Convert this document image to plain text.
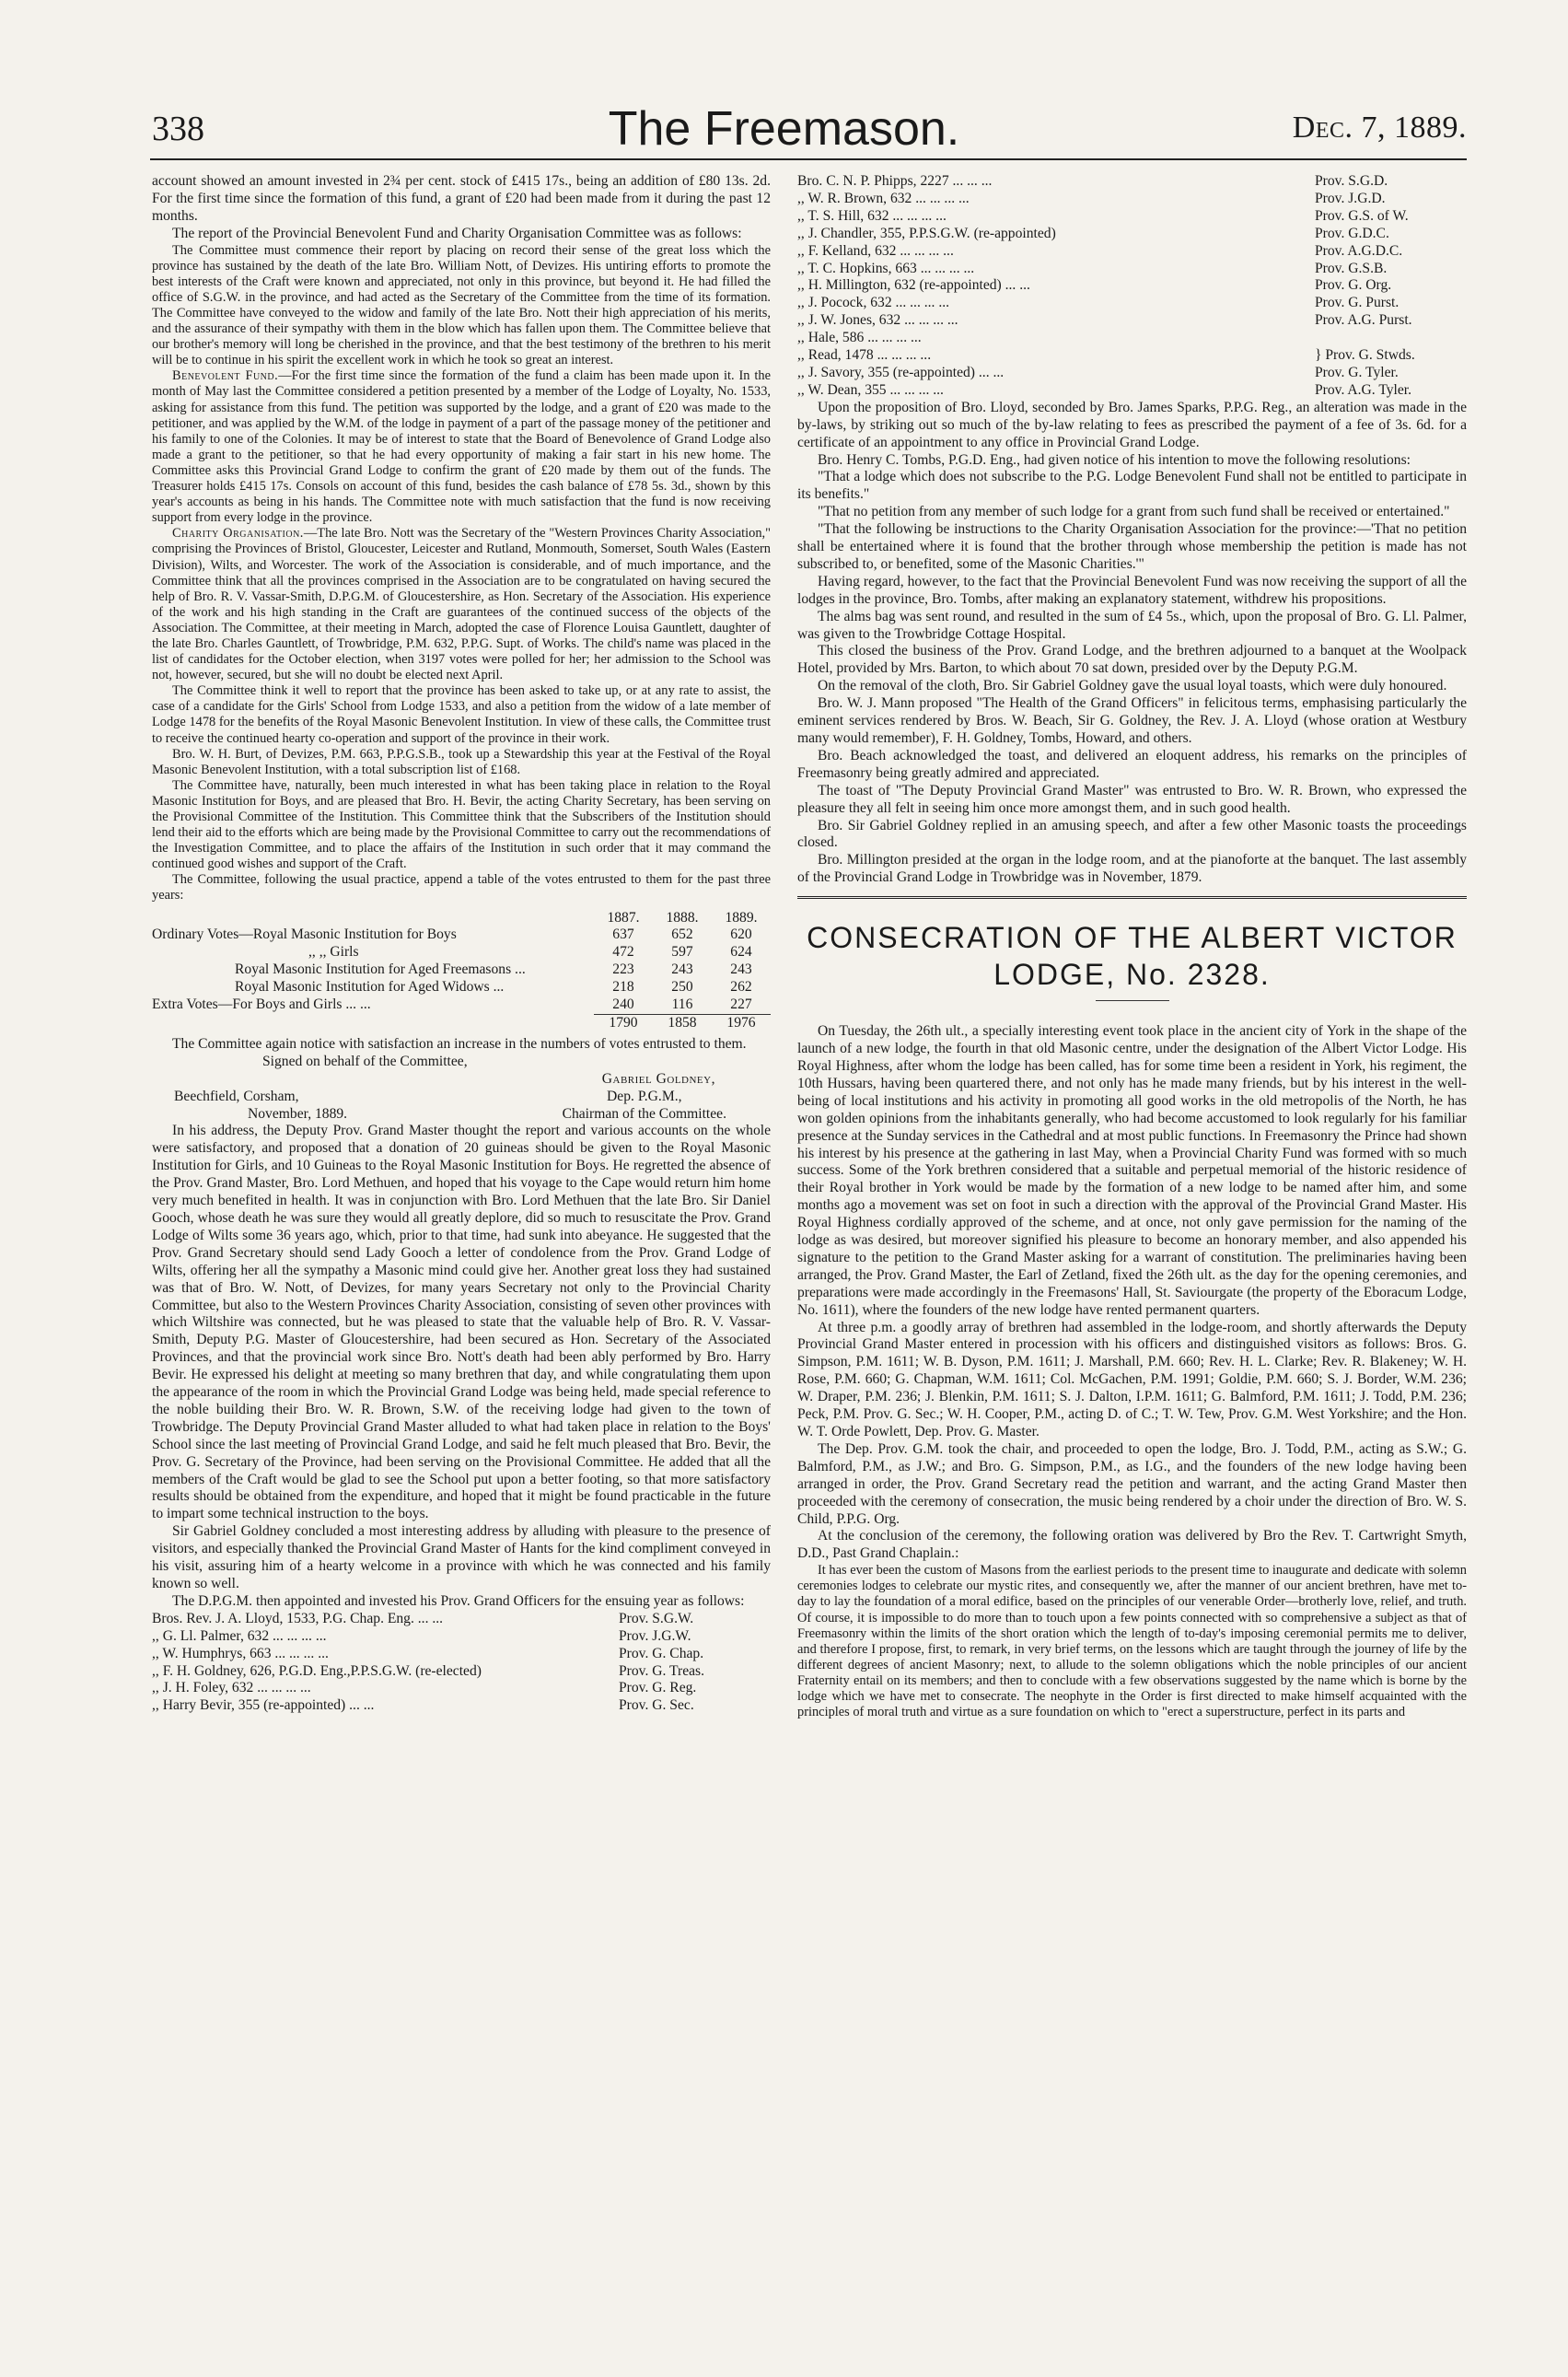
338	The Freemason.	Dec. 7, 1889.

account showed an amount invested in 2¾ per cent. stock of £415 17s., being an addition of £80 13s. 2d. For the first time since the formation of this fund, a grant of £20 had been made from it during the past 12 months.

The report of the Provincial Benevolent Fund and Charity Organisation Committee was as follows:

The Committee must commence their report by placing on record their sense of the great loss which the province has sustained by the death of the late Bro. William Nott, of Devizes. His untiring efforts to promote the best interests of the Craft were known and appreciated, not only in this province, but beyond it. He had filled the office of S.G.W. in the province, and had acted as the Secretary of the Committee from the time of its formation. The Committee have conveyed to the widow and family of the late Bro. Nott their high appreciation of his merits, and the assurance of their sympathy with them in the blow which has fallen upon them. The Committee believe that our brother's memory will long be cherished in the province, and that the best testimony of the brethren to his merit will be to continue in his spirit the excellent work in which he took so great an interest.

Benevolent Fund.—For the first time since the formation of the fund a claim has been made upon it. In the month of May last the Committee considered a petition presented by a member of the Lodge of Loyalty, No. 1533, asking for assistance from this fund. The petition was supported by the lodge, and a grant of £20 was made to the petitioner, and was applied by the W.M. of the lodge in payment of a part of the passage money of the petitioner and his family to one of the Colonies. It may be of interest to state that the Board of Benevolence of Grand Lodge also made a grant to the petitioner, so that he had every opportunity of making a fair start in his new home. The Committee asks this Provincial Grand Lodge to confirm the grant of £20 made by them out of the funds. The Treasurer holds £415 17s. Consols on account of this fund, besides the cash balance of £78 5s. 3d., shown by this year's accounts as being in his hands. The Committee note with much satisfaction that the fund is now receiving support from every lodge in the province.

Charity Organisation.—The late Bro. Nott was the Secretary of the "Western Provinces Charity Association," comprising the Provinces of Bristol, Gloucester, Leicester and Rutland, Monmouth, Somerset, South Wales (Eastern Division), Wilts, and Worcester. The work of the Association is considerable, and of much importance, and the Committee think that all the provinces comprised in the Association are to be congratulated on having secured the help of Bro. R. V. Vassar-Smith, D.P.G.M. of Gloucestershire, as Hon. Secretary of the Association. His experience of the work and his high standing in the Craft are guarantees of the continued success of the objects of the Association. The Committee, at their meeting in March, adopted the case of Florence Louisa Gauntlett, daughter of the late Bro. Charles Gauntlett, of Trowbridge, P.M. 632, P.P.G. Supt. of Works. The child's name was placed in the list of candidates for the October election, when 3197 votes were polled for her; her admission to the School was not, however, secured, but she will no doubt be elected next April.

The Committee think it well to report that the province has been asked to take up, or at any rate to assist, the case of a candidate for the Girls' School from Lodge 1533, and also a petition from the widow of a late member of Lodge 1478 for the benefits of the Royal Masonic Benevolent Institution. In view of these calls, the Committee trust to receive the continued hearty co-operation and support of the province in their work.

Bro. W. H. Burt, of Devizes, P.M. 663, P.P.G.S.B., took up a Stewardship this year at the Festival of the Royal Masonic Benevolent Institution, with a total subscription list of £168.

The Committee have, naturally, been much interested in what has been taking place in relation to the Royal Masonic Institution for Boys, and are pleased that Bro. H. Bevir, the acting Charity Secretary, has been serving on the Provisional Committee of the Institution. This Committee think that the Subscribers of the Institution should lend their aid to the efforts which are being made by the Provisional Committee to carry out the recommendations of the Investigation Committee, and to place the affairs of the Institution in such order that it may command the continued good wishes and support of the Craft.

The Committee, following the usual practice, append a table of the votes entrusted to them for the past three years:

	1887.	1888.	1889.
Ordinary Votes—Royal Masonic Institution for Boys	637	652	620
,, ,, Girls	472	597	624
Royal Masonic Institution for Aged Freemasons ...	223	243	243
Royal Masonic Institution for Aged Widows ...	218	250	262
Extra Votes—For Boys and Girls ... ...	240	116	227
	1790	1858	1976

The Committee again notice with satisfaction an increase in the numbers of votes entrusted to them.

Signed on behalf of the Committee,

Gabriel Goldney,

Beechfield, Corsham,
November, 1889.
Dep. P.G.M.,
Chairman of the Committee.

In his address, the Deputy Prov. Grand Master thought the report and various accounts on the whole were satisfactory, and proposed that a donation of 20 guineas should be given to the Royal Masonic Institution for Girls, and 10 Guineas to the Royal Masonic Institution for Boys. He regretted the absence of the Prov. Grand Master, Bro. Lord Methuen, and hoped that his voyage to the Cape would return him home very much benefited in health. It was in conjunction with Bro. Lord Methuen that the late Bro. Sir Daniel Gooch, whose death he was sure they would all greatly deplore, did so much to resuscitate the Prov. Grand Lodge of Wilts some 36 years ago, which, prior to that time, had sunk into abeyance. He suggested that the Prov. Grand Secretary should send Lady Gooch a letter of condolence from the Prov. Grand Lodge of Wilts, offering her all the sympathy a Masonic mind could give her. Another great loss they had sustained was that of Bro. W. Nott, of Devizes, for many years Secretary not only to the Provincial Charity Committee, but also to the Western Provinces Charity Association, consisting of seven other provinces with which Wiltshire was connected, but he was pleased to state that the valuable help of Bro. R. V. Vassar-Smith, Deputy P.G. Master of Gloucestershire, had been secured as Hon. Secretary of the Associated Provinces, and that the provincial work since Bro. Nott's death had been ably performed by Bro. Harry Bevir. He expressed his delight at meeting so many brethren that day, and while congratulating them upon the appearance of the room in which the Provincial Grand Lodge was being held, made special reference to the noble building their Bro. W. R. Brown, S.W. of the receiving lodge had given to the town of Trowbridge. The Deputy Provincial Grand Master alluded to what had taken place in relation to the Boys' School since the last meeting of Provincial Grand Lodge, and said he felt much pleased that Bro. Bevir, the Prov. G. Secretary of the Province, had been serving on the Provisional Committee. He added that all the members of the Craft would be glad to see the School put upon a better footing, so that more satisfactory results should be obtained from the expenditure, and hoped that it might be found practicable in the future to impart some technical instruction to the boys.

Sir Gabriel Goldney concluded a most interesting address by alluding with pleasure to the presence of visitors, and especially thanked the Provincial Grand Master of Hants for the kind compliment conveyed in his visit, assuring him of a hearty welcome in a province with which he was connected and his family known so well.

The D.P.G.M. then appointed and invested his Prov. Grand Officers for the ensuing year as follows:

Bros. Rev. J. A. Lloyd, 1533, P.G. Chap. Eng. ... ...	Prov. S.G.W.
,, G. Ll. Palmer, 632 ... ... ... ...	Prov. J.G.W.
,, W. Humphrys, 663 ... ... ... ...	Prov. G. Chap.
,, F. H. Goldney, 626, P.G.D. Eng.,P.P.S.G.W. (re-elected)	Prov. G. Treas.
,, J. H. Foley, 632 ... ... ... ...	Prov. G. Reg.
,, Harry Bevir, 355 (re-appointed) ... ...	Prov. G. Sec.
Bro. C. N. P. Phipps, 2227 ... ... ...	Prov. S.G.D.
,, W. R. Brown, 632 ... ... ... ...	Prov. J.G.D.
,, T. S. Hill, 632 ... ... ... ...	Prov. G.S. of W.
,, J. Chandler, 355, P.P.S.G.W. (re-appointed)	Prov. G.D.C.
,, F. Kelland, 632 ... ... ... ...	Prov. A.G.D.C.
,, T. C. Hopkins, 663 ... ... ... ...	Prov. G.S.B.
,, H. Millington, 632 (re-appointed) ... ...	Prov. G. Org.
,, J. Pocock, 632 ... ... ... ...	Prov. G. Purst.
,, J. W. Jones, 632 ... ... ... ...	Prov. A.G. Purst.
,, Hale, 586 ... ... ... ...	
,, Read, 1478 ... ... ... ...	} Prov. G. Stwds.
,, J. Savory, 355 (re-appointed) ... ...	Prov. G. Tyler.
,, W. Dean, 355 ... ... ... ...	Prov. A.G. Tyler.

Upon the proposition of Bro. Lloyd, seconded by Bro. James Sparks, P.P.G. Reg., an alteration was made in the by-laws, by striking out so much of the by-law relating to fees as prescribed the payment of a fee of 3s. 6d. for a certificate of an appointment to any office in Provincial Grand Lodge.

Bro. Henry C. Tombs, P.G.D. Eng., had given notice of his intention to move the following resolutions:

"That a lodge which does not subscribe to the P.G. Lodge Benevolent Fund shall not be entitled to participate in its benefits."

"That no petition from any member of such lodge for a grant from such fund shall be received or entertained."

"That the following be instructions to the Charity Organisation Association for the province:—'That no petition shall be entertained where it is found that the brother through whose membership the petition is made has not subscribed to, or benefited, some of the Masonic Charities.'"

Having regard, however, to the fact that the Provincial Benevolent Fund was now receiving the support of all the lodges in the province, Bro. Tombs, after making an explanatory statement, withdrew his propositions.

The alms bag was sent round, and resulted in the sum of £4 5s., which, upon the proposal of Bro. G. Ll. Palmer, was given to the Trowbridge Cottage Hospital.

This closed the business of the Prov. Grand Lodge, and the brethren adjourned to a banquet at the Woolpack Hotel, provided by Mrs. Barton, to which about 70 sat down, presided over by the Deputy P.G.M.

On the removal of the cloth, Bro. Sir Gabriel Goldney gave the usual loyal toasts, which were duly honoured.

Bro. W. J. Mann proposed "The Health of the Grand Officers" in felicitous terms, emphasising particularly the eminent services rendered by Bros. W. Beach, Sir G. Goldney, the Rev. J. A. Lloyd (whose oration at Westbury many would remember), F. H. Goldney, Tombs, Howard, and others.

Bro. Beach acknowledged the toast, and delivered an eloquent address, his remarks on the principles of Freemasonry being greatly admired and appreciated.

The toast of "The Deputy Provincial Grand Master" was entrusted to Bro. W. R. Brown, who expressed the pleasure they all felt in seeing him once more amongst them, and in such good health.

Bro. Sir Gabriel Goldney replied in an amusing speech, and after a few other Masonic toasts the proceedings closed.

Bro. Millington presided at the organ in the lodge room, and at the pianoforte at the banquet. The last assembly of the Provincial Grand Lodge in Trowbridge was in November, 1879.

CONSECRATION OF THE ALBERT VICTOR
LODGE, No. 2328.

On Tuesday, the 26th ult., a specially interesting event took place in the ancient city of York in the shape of the launch of a new lodge, the fourth in that old Masonic centre, under the designation of the Albert Victor Lodge. His Royal Highness, after whom the lodge has been called, has for some time been a resident in York, his regiment, the 10th Hussars, having been quartered there, and not only has he made many friends, but by his interest in the well-being of local institutions and his activity in promoting all good works in the old metropolis of the North, he has won golden opinions from the inhabitants generally, who had become accustomed to look regularly for his familiar presence at the Sunday services in the Cathedral and at most public functions. In Freemasonry the Prince had shown his interest by his presence at the gathering in last May, when a Provincial Charity Fund was formed with so much success. Some of the York brethren considered that a suitable and perpetual memorial of the historic residence of their Royal brother in York would be made by the formation of a new lodge to be named after him, and some months ago a movement was set on foot in such a direction with the approval of the Provincial Grand Master. His Royal Highness cordially approved of the scheme, and at once, not only gave permission for the naming of the lodge as was desired, but moreover signified his pleasure to become an honorary member, and also appended his signature to the petition to the Grand Master asking for a warrant of constitution. The preliminaries having been arranged, the Prov. Grand Master, the Earl of Zetland, fixed the 26th ult. as the day for the opening ceremonies, and preparations were made accordingly in the Freemasons' Hall, St. Saviourgate (the property of the Eboracum Lodge, No. 1611), where the founders of the new lodge have rented permanent quarters.

At three p.m. a goodly array of brethren had assembled in the lodge-room, and shortly afterwards the Deputy Provincial Grand Master entered in procession with his officers and distinguished visitors as follows: Bros. G. Simpson, P.M. 1611; W. B. Dyson, P.M. 1611; J. Marshall, P.M. 660; Rev. H. L. Clarke; Rev. R. Blakeney; W. H. Rose, P.M. 660; G. Chapman, W.M. 1611; Col. McGachen, P.M. 1991; Goldie, P.M. 660; S. J. Border, W.M. 236; W. Draper, P.M. 236; J. Blenkin, P.M. 1611; S. J. Dalton, I.P.M. 1611; G. Balmford, P.M. 1611; J. Todd, P.M. 236; Peck, P.M. Prov. G. Sec.; W. H. Cooper, P.M., acting D. of C.; T. W. Tew, Prov. G.M. West Yorkshire; and the Hon. W. T. Orde Powlett, Dep. Prov. G. Master.

The Dep. Prov. G.M. took the chair, and proceeded to open the lodge, Bro. J. Todd, P.M., acting as S.W.; G. Balmford, P.M., as J.W.; and Bro. G. Simpson, P.M., as I.G., and the founders of the new lodge having been arranged in order, the Prov. Grand Secretary read the petition and warrant, and the acting Grand Master then proceeded with the ceremony of consecration, the music being rendered by a choir under the direction of Bro. W. S. Child, P.P.G. Org.

At the conclusion of the ceremony, the following oration was delivered by Bro the Rev. T. Cartwright Smyth, D.D., Past Grand Chaplain.:

It has ever been the custom of Masons from the earliest periods to the present time to inaugurate and dedicate with solemn ceremonies lodges to celebrate our mystic rites, and consequently we, after the manner of our ancient brethren, have met to-day to lay the foundation of a moral edifice, based on the principles of our venerable Order—brotherly love, relief, and truth. Of course, it is impossible to do more than to touch upon a few points connected with so comprehensive a subject as that of Freemasonry within the limits of the short oration which the length of to-day's imposing ceremonial permits me to deliver, and therefore I propose, first, to remark, in very brief terms, on the lessons which are taught through the journey of life by the different degrees of ancient Masonry; next, to allude to the solemn obligations which the noble principles of our ancient Fraternity entail on its members; and then to conclude with a few observations suggested by the name which is borne by the lodge which we have met to consecrate. The neophyte in the Order is first directed to make himself acquainted with the principles of moral truth and virtue as a sure foundation on which to "erect a superstructure, perfect in its parts and
